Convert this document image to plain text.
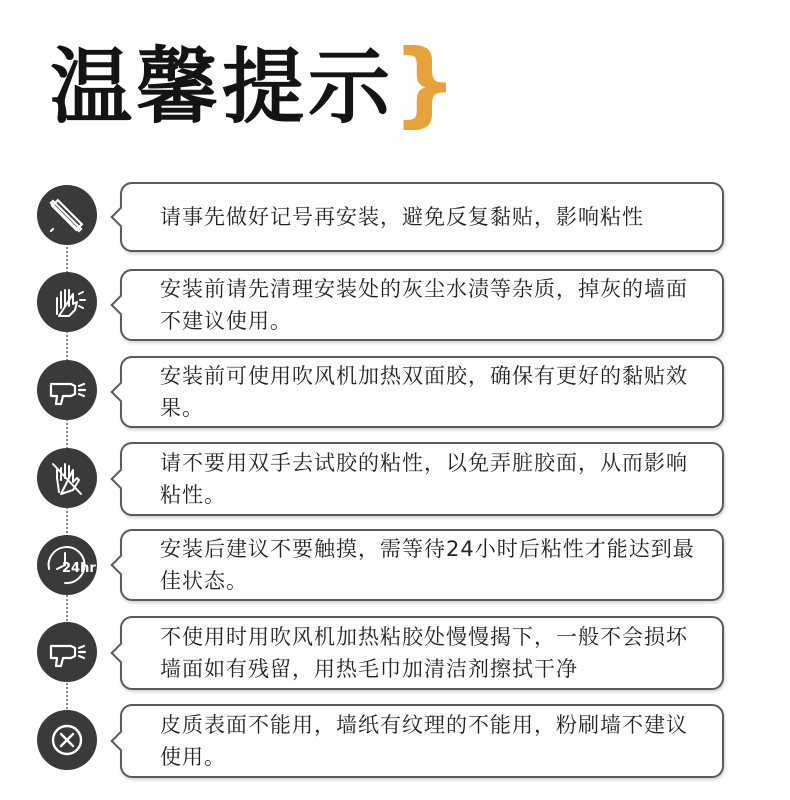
温馨提示
}
请事先做好记号再安装，避免反复黏贴，影响粘性
安装前请先清理安装处的灰尘水渍等杂质，掉灰的墙面不建议使用。
安装前可使用吹风机加热双面胶，确保有更好的黏贴效果。
请不要用双手去试胶的粘性，以免弄脏胶面，从而影响粘性。
24hr
安装后建议不要触摸，需等待24小时后粘性才能达到最佳状态。
不使用时用吹风机加热粘胶处慢慢揭下，一般不会损坏墙面如有残留，用热毛巾加清洁剂擦拭干净
皮质表面不能用，墙纸有纹理的不能用，粉刷墙不建议使用。
